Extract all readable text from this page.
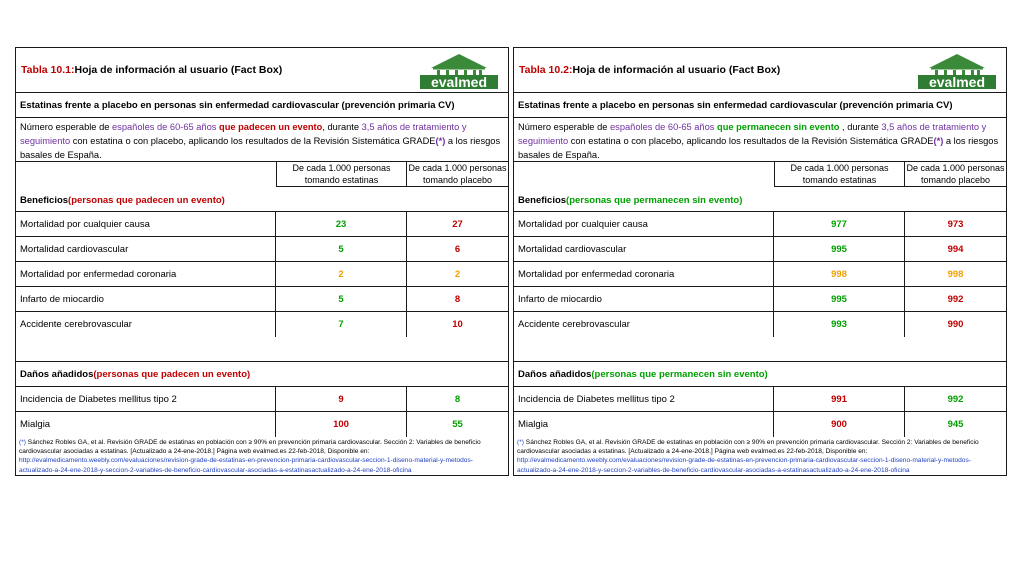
Tabla 10.1: Hoja de información al usuario (Fact Box)
evalmed
Estatinas frente a placebo en personas sin enfermedad cardiovascular (prevención primaria CV)
Número esperable de españoles de 60-65 años que padecen un evento, durante 3,5 años de tratamiento y seguimiento con estatina o con placebo, aplicando los resultados de la Revisión Sistemática GRADE(*) a los riesgos basales de España.
De cada 1.000 personas tomando estatinas
De cada 1.000 personas tomando placebo
Beneficios (personas que padecen un evento)
Mortalidad por cualquier causa	23	27
Mortalidad cardiovascular	5	6
Mortalidad por enfermedad coronaria	2	2
Infarto de miocardio	5	8
Accidente cerebrovascular	7	10
Daños añadidos (personas que padecen un evento)
Incidencia de Diabetes mellitus tipo 2	9	8
Mialgia	100	55
(*) Sánchez Robles GA, et al. Revisión GRADE de estatinas en población con ≥ 90% en prevención primaria cardiovascular. Sección 2: Variables de beneficio cardiovascular asociadas a estatinas. [Actualizado a 24-ene-2018.] Página web evalmed.es 22-feb-2018, Disponible en:
http://evalmedicamento.weebly.com/evaluaciones/revision-grade-de-estatinas-en-prevencion-primaria-cardiovascular-seccion-1-diseno-material-y-metodos-actualizado-a-24-ene-2018-y-seccion-2-variables-de-beneficio-cardiovascular-asociadas-a-estatinasactualizado-a-24-ene-2018-oficina
Tabla 10.2: Hoja de información al usuario (Fact Box)
evalmed
Estatinas frente a placebo en personas sin enfermedad cardiovascular (prevención primaria CV)
Número esperable de españoles de 60-65 años que permanecen sin evento , durante 3,5 años de tratamiento y seguimiento con estatina o con placebo, aplicando los resultados de la Revisión Sistemática GRADE(*) a los riesgos basales de España.
De cada 1.000 personas tomando estatinas
De cada 1.000 personas tomando placebo
Beneficios (personas que permanecen sin evento)
Mortalidad por cualquier causa	977	973
Mortalidad cardiovascular	995	994
Mortalidad por enfermedad coronaria	998	998
Infarto de miocardio	995	992
Accidente cerebrovascular	993	990
Daños añadidos (personas que permanecen sin evento)
Incidencia de Diabetes mellitus tipo 2	991	992
Mialgia	900	945
(*) Sánchez Robles GA, et al. Revisión GRADE de estatinas en población con ≥ 90% en prevención primaria cardiovascular. Sección 2: Variables de beneficio cardiovascular asociadas a estatinas. [Actualizado a 24-ene-2018.] Página web evalmed.es 22-feb-2018, Disponible en:
http://evalmedicamento.weebly.com/evaluaciones/revision-grade-de-estatinas-en-prevencion-primaria-cardiovascular-seccion-1-diseno-material-y-metodos-actualizado-a-24-ene-2018-y-seccion-2-variables-de-beneficio-cardiovascular-asociadas-a-estatinasactualizado-a-24-ene-2018-oficina
